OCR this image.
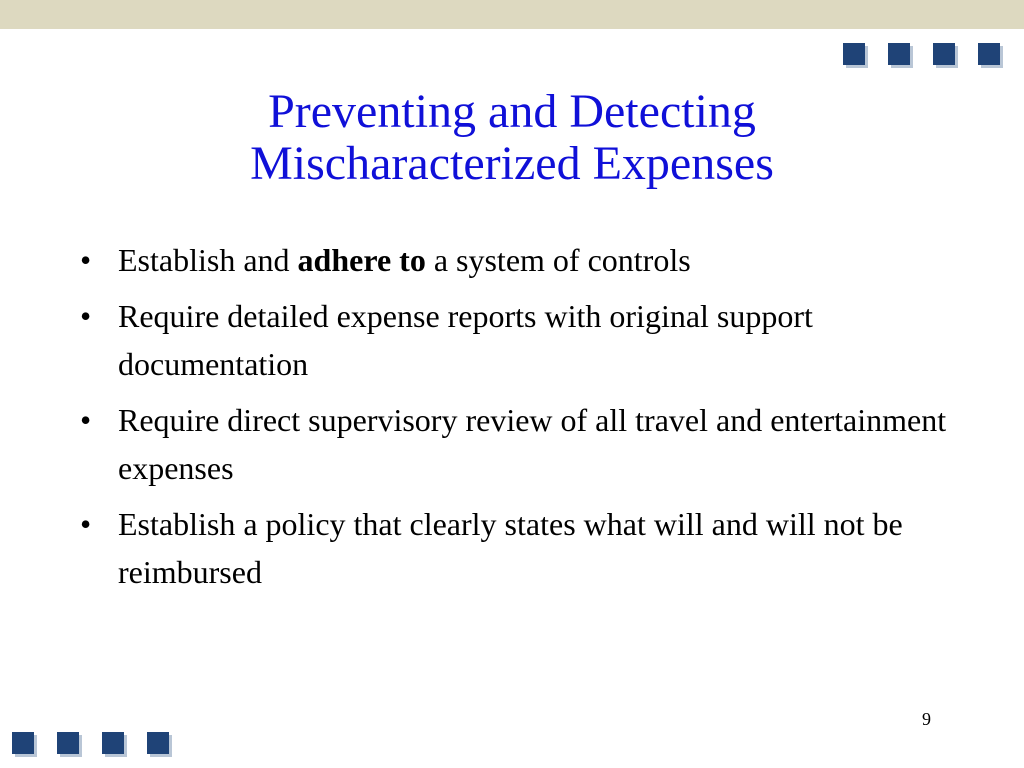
Preventing and Detecting
Mischaracterized Expenses
• Establish and adhere to a system of controls
• Require detailed expense reports with original support documentation
• Require direct supervisory review of all travel and entertainment expenses
• Establish a policy that clearly states what will and will not be reimbursed
9
